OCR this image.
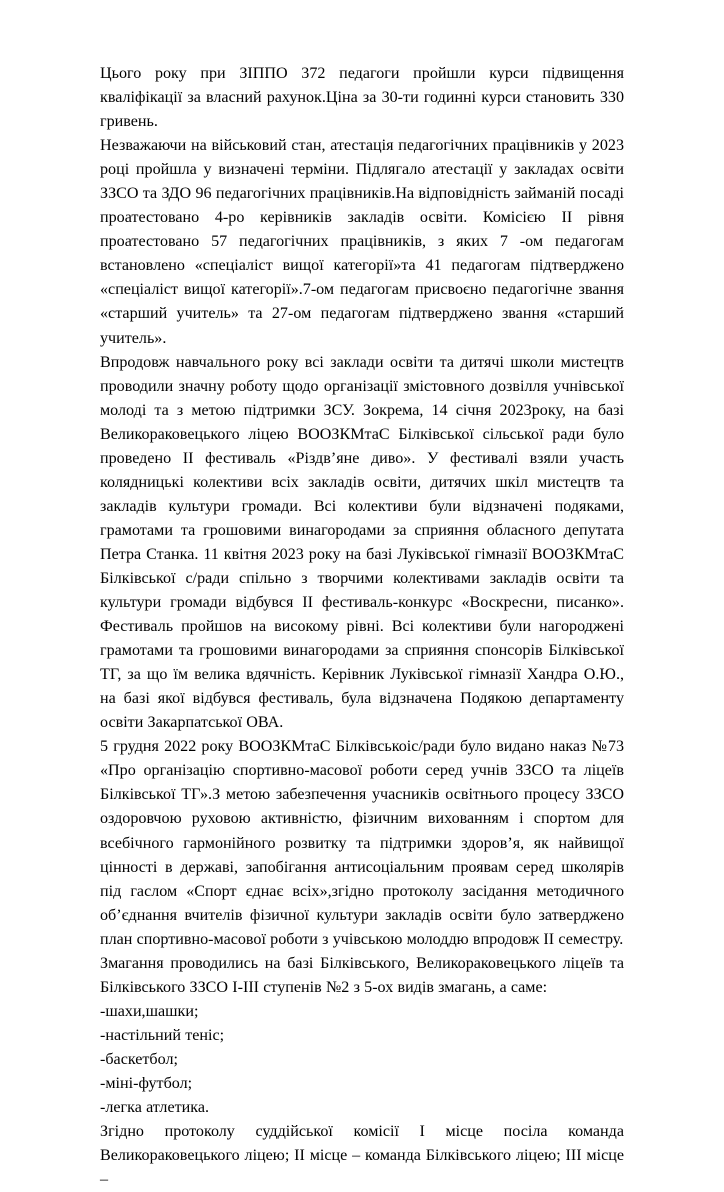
Цього року при ЗІППО 372 педагоги пройшли курси підвищення кваліфікації за власний рахунок.Ціна за 30-ти годинні курси становить 330 гривень.

Незважаючи на військовий стан, атестація педагогічних працівників у 2023 році пройшла у визначені терміни. Підлягало атестації у закладах освіти ЗЗСО та ЗДО 96 педагогічних працівників.На відповідність займаній посаді проатестовано 4-ро керівників закладів освіти. Комісією ІІ рівня проатестовано 57 педагогічних працівників, з яких 7 -ом педагогам встановлено «спеціаліст вищої категорії»та 41 педагогам підтверджено «спеціаліст вищої категорії».7-ом педагогам присвоєно педагогічне звання «старший учитель» та 27-ом педагогам підтверджено звання «старший учитель».

Впродовж навчального року всі заклади освіти та дитячі школи мистецтв проводили значну роботу щодо організації змістовного дозвілля учнівської молоді та з метою підтримки ЗСУ. Зокрема, 14 січня 2023року, на базі Великораковецького ліцею ВООЗКМтаС Білківської сільської ради було проведено ІІ фестиваль «Різдв’яне диво». У фестивалі взяли участь колядницькі колективи всіх закладів освіти, дитячих шкіл мистецтв та закладів культури громади. Всі колективи були відзначені подяками, грамотами та грошовими винагородами за сприяння обласного депутата Петра Станка. 11 квітня 2023 року на базі Луківської гімназії ВООЗКМтаС Білківської с/ради спільно з творчими колективами закладів освіти та культури громади відбувся ІІ фестиваль-конкурс «Воскресни, писанко». Фестиваль пройшов на високому рівні. Всі колективи були нагороджені грамотами та грошовими винагородами за сприяння спонсорів Білківської ТГ, за що їм велика вдячність. Керівник Луківської гімназії Хандра О.Ю., на базі якої відбувся фестиваль, була відзначена Подякою департаменту освіти Закарпатської ОВА.

5 грудня 2022 року ВООЗКМтаС Білківськоіс/ради було видано наказ №73 «Про організацію спортивно-масової роботи серед учнів ЗЗСО та ліцеїв Білківської ТГ».З метою забезпечення учасників освітнього процесу ЗЗСО оздоровчою руховою активністю, фізичним вихованням і спортом для всебічного гармонійного розвитку та підтримки здоров’я, як найвищої цінності в державі, запобігання антисоціальним проявам серед школярів під гаслом «Спорт єднає всіх»,згідно протоколу засідання методичного об’єднання вчителів фізичної культури закладів освіти було затверджено план спортивно-масової роботи з учівською молоддю впродовж ІІ семестру.

Змагання проводились на базі Білківського, Великораковецького ліцеїв та Білківського ЗЗСО І-ІІІ ступенів №2 з 5-ох видів змагань, а саме:

-шахи,шашки;
-настільний теніс;
-баскетбол;
-міні-футбол;
-легка атлетика.

Згідно протоколу суддійської комісії І місце посіла команда Великораковецького ліцею; ІІ місце – команда Білківського ліцею; ІІІ місце –
